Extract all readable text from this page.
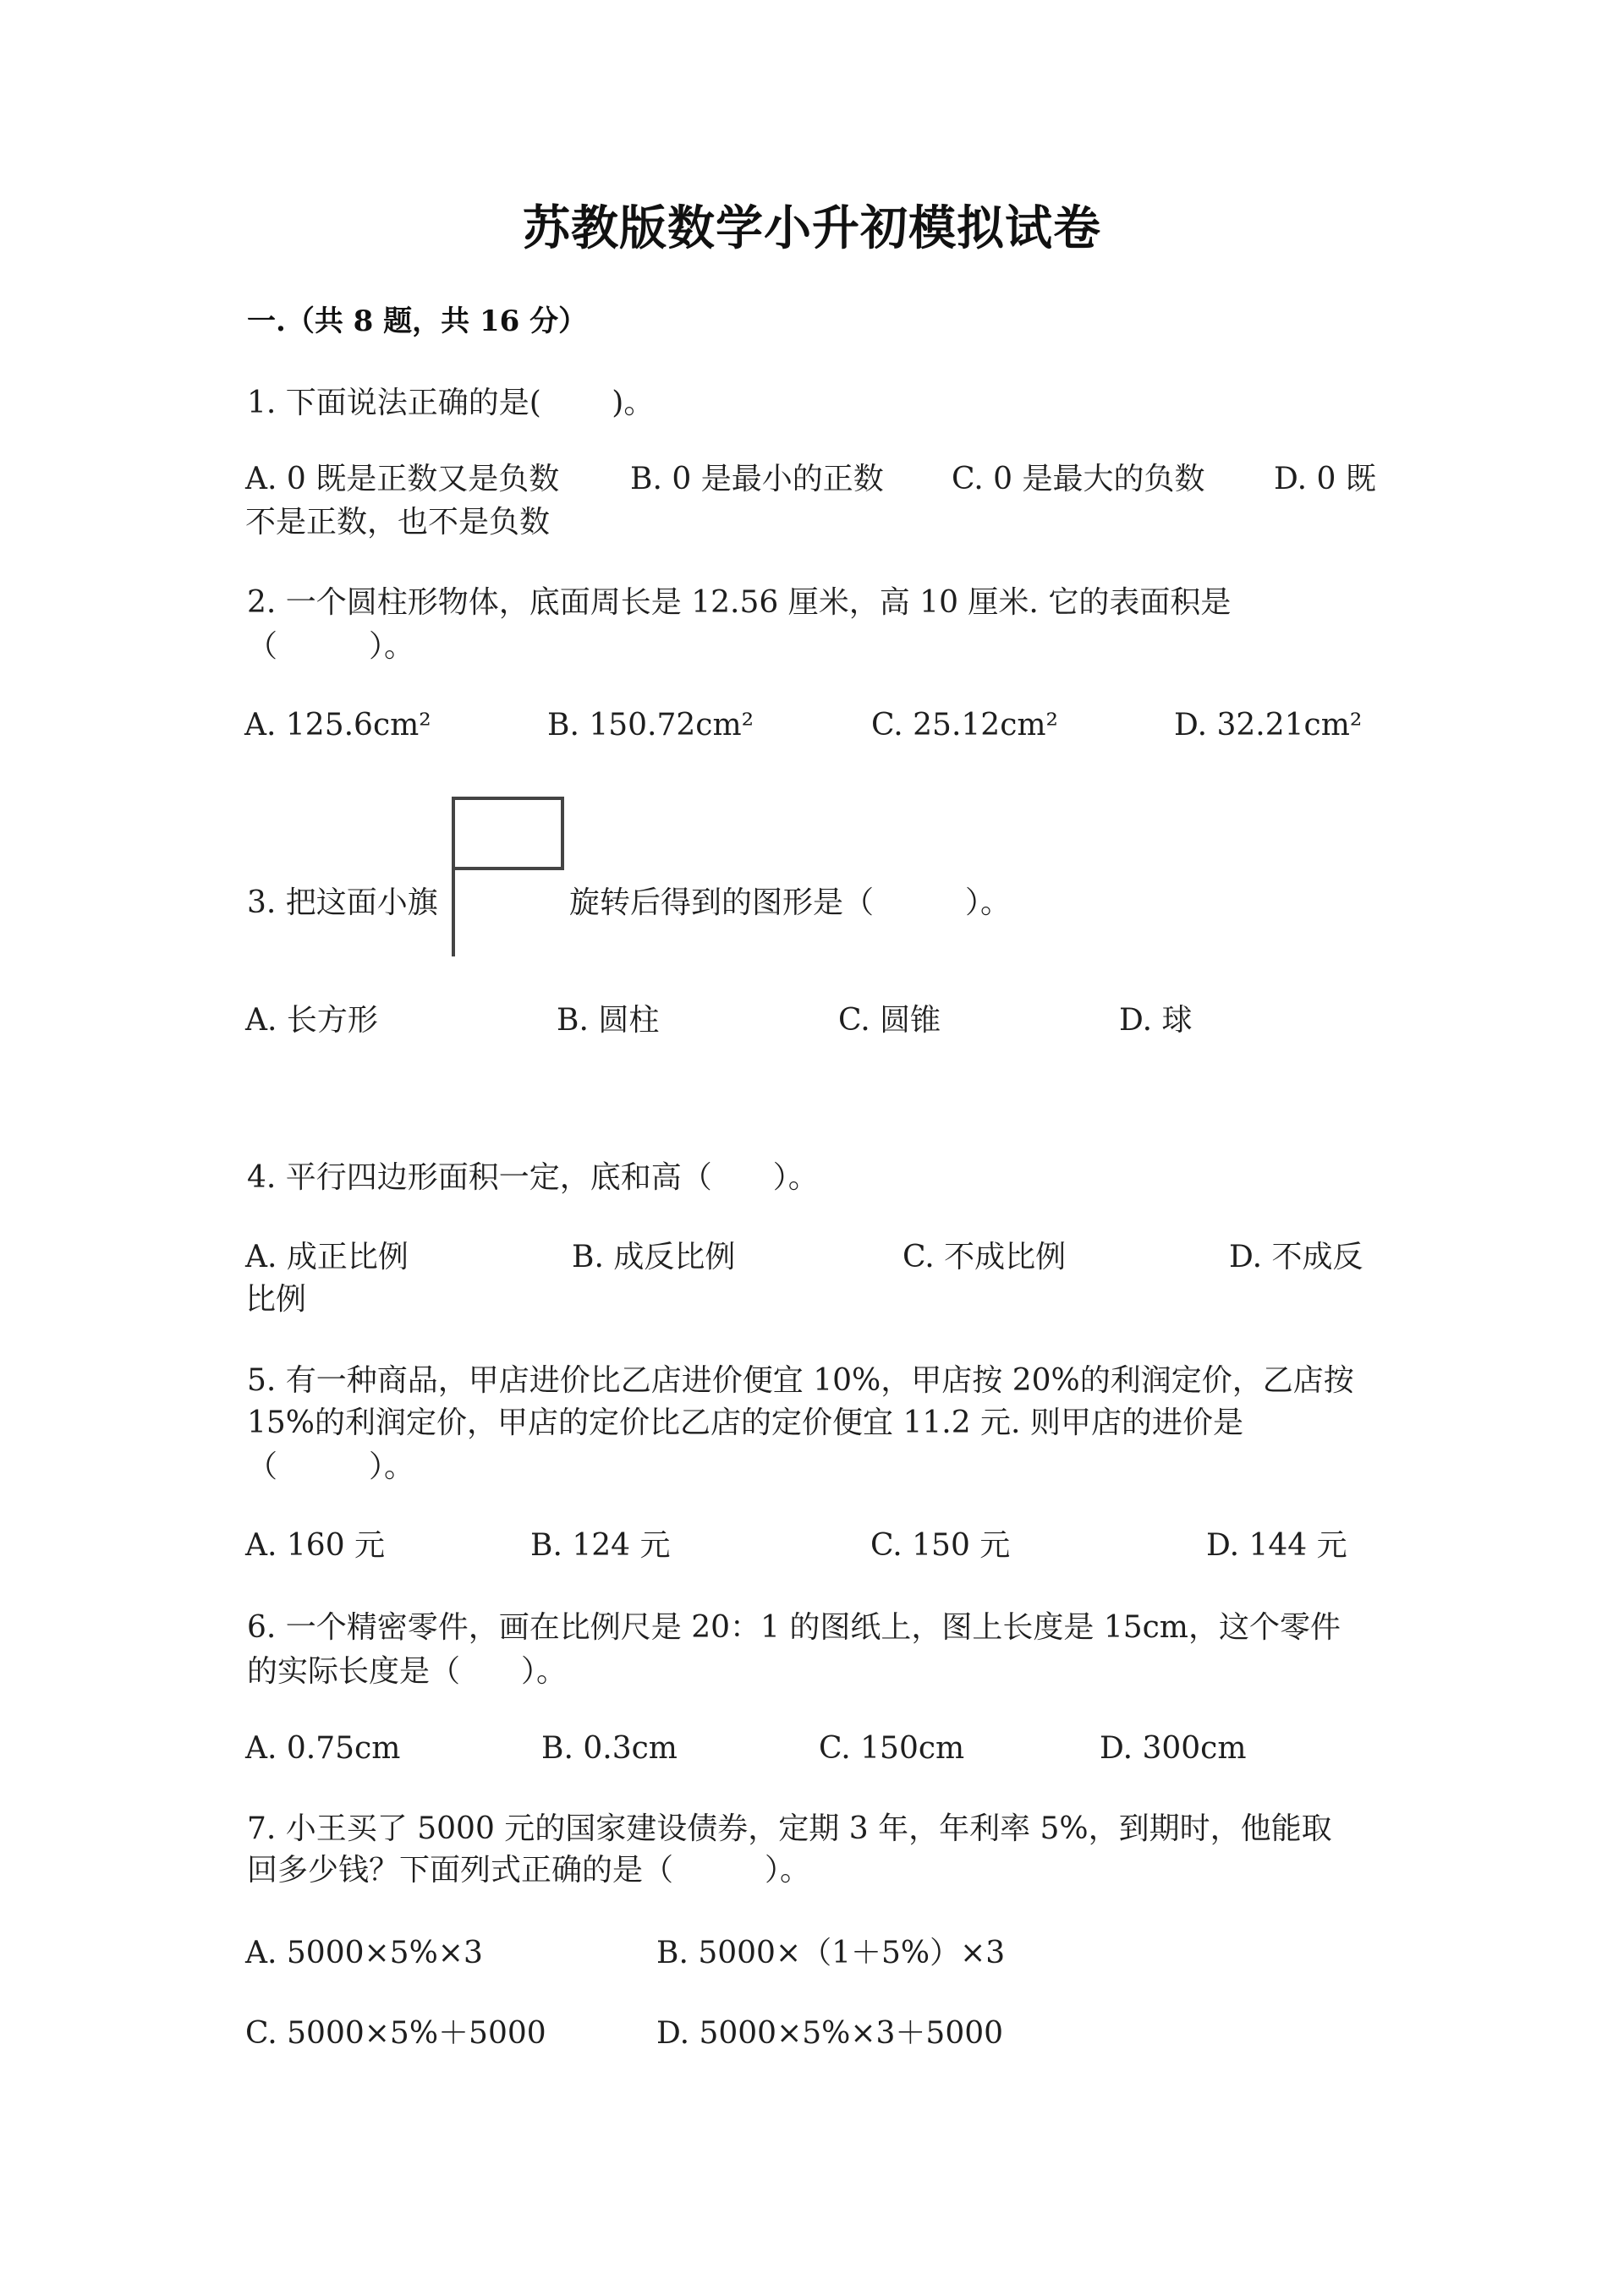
苏教版数学小升初模拟试卷
一.（共 8 题，共 16 分）
1. 下面说法正确的是(　　 )。
A. 0 既是正数又是负数 B. 0 是最小的正数 C. 0 是最大的负数 D. 0 既
不是正数，也不是负数
2. 一个圆柱形物体，底面周长是 12.56 厘米，高 10 厘米. 它的表面积是
（　　　）。
A. 125.6cm²	B. 150.72cm²	C. 25.12cm²	D. 32.21cm²
3. 把这面小旗	旋转后得到的图形是（　　　）。
A. 长方形	B. 圆柱	C. 圆锥	D. 球
4. 平行四边形面积一定，底和高（　　）。
A. 成正比例	B. 成反比例	C. 不成比例	D. 不成反
比例
5. 有一种商品，甲店进价比乙店进价便宜 10%，甲店按 20%的利润定价，乙店按
15%的利润定价，甲店的定价比乙店的定价便宜 11.2 元. 则甲店的进价是
（　　　）。
A. 160 元	B. 124 元	C. 150 元	D. 144 元
6. 一个精密零件，画在比例尺是 20：1 的图纸上，图上长度是 15cm，这个零件
的实际长度是（　　）。
A. 0.75cm	B. 0.3cm	C. 150cm	D. 300cm
7. 小王买了 5000 元的国家建设债券，定期 3 年，年利率 5%，到期时，他能取
回多少钱？下面列式正确的是（　　　）。
A. 5000×5%×3	B. 5000×（1＋5%）×3
C. 5000×5%＋5000	D. 5000×5%×3＋5000
